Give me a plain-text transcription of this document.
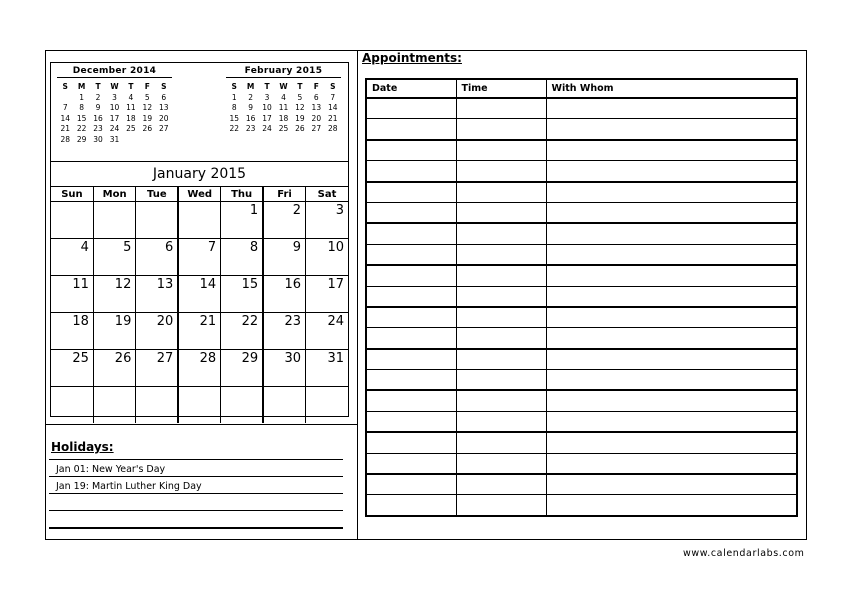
December 2014
S	M	T	W	T	F	S
	1	2	3	4	5	6
7	8	9	10	11	12	13
14	15	16	17	18	19	20
21	22	23	24	25	26	27
28	29	30	31			
February 2015
S	M	T	W	T	F	S
1	2	3	4	5	6	7
8	9	10	11	12	13	14
15	16	17	18	19	20	21
22	23	24	25	26	27	28
January 2015
Sun	Mon	Tue	Wed	Thu	Fri	Sat
				1	2	3
4	5	6	7	8	9	10
11	12	13	14	15	16	17
18	19	20	21	22	23	24
25	26	27	28	29	30	31

Holidays:
Jan 01: New Year's Day
Jan 19: Martin Luther King Day
Appointments:
Date	Time	With Whom

www.calendarlabs.com
